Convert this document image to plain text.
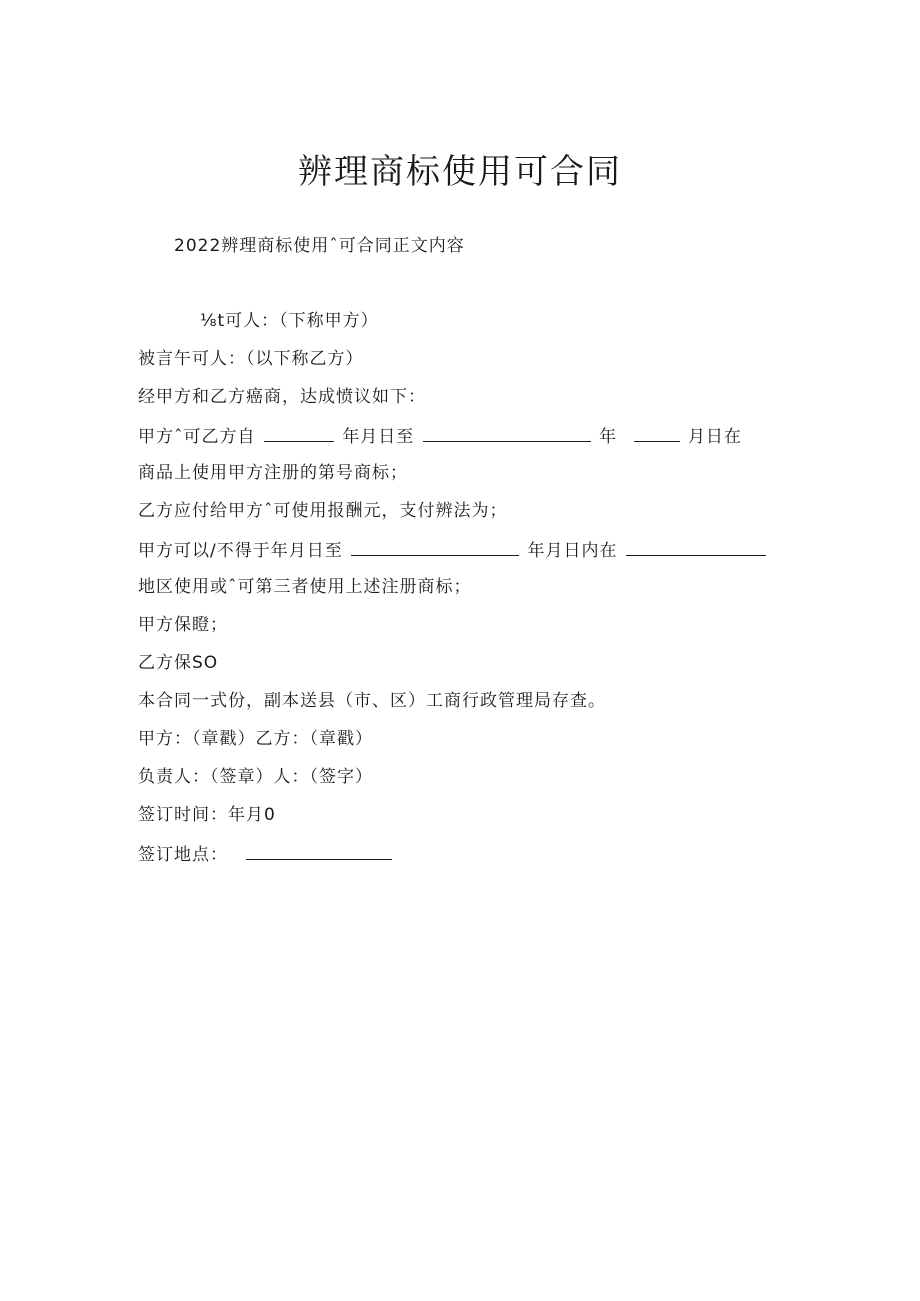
辨理商标使用可合同
2022辨理商标使用ˆ可合同正文内容
⅛t可人：（下称甲方）
被言午可人：（以下称乙方）
经甲方和乙方癌商，达成愤议如下：
甲方ˆ可乙方自	年月日至	年	月日在
商品上使用甲方注册的第号商标；
乙方应付给甲方ˆ可使用报酬元，支付辨法为；
甲方可以/不得于年月日至	年月日内在
地区使用或ˆ可第三者使用上述注册商标；
甲方保瞪；
乙方保SO
本合同一式份，副本送县（市、区）工商行政管理局存查。
甲方：（章戳）乙方：（章戳）
负责人：（签章）人：（签字）
签订时间：年月0
签订地点：
